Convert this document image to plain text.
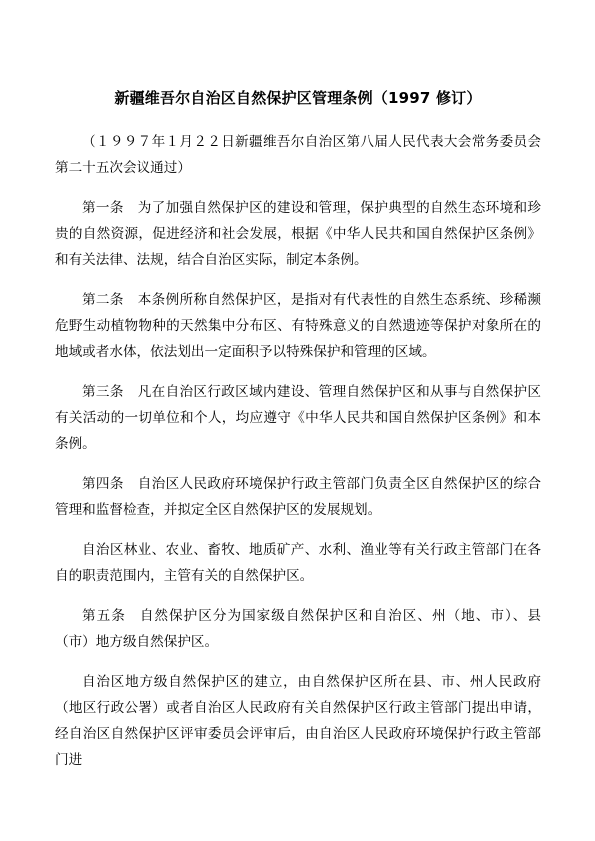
新疆维吾尔自治区自然保护区管理条例（1997 修订）

（１９９７年１月２２日新疆维吾尔自治区第八届人民代表大会常务委员会第二十五次会议通过）

第一条 为了加强自然保护区的建设和管理，保护典型的自然生态环境和珍贵的自然资源，促进经济和社会发展，根据《中华人民共和国自然保护区条例》和有关法律、法规，结合自治区实际，制定本条例。

第二条 本条例所称自然保护区，是指对有代表性的自然生态系统、珍稀濒危野生动植物物种的天然集中分布区、有特殊意义的自然遗迹等保护对象所在的地域或者水体，依法划出一定面积予以特殊保护和管理的区域。

第三条 凡在自治区行政区域内建设、管理自然保护区和从事与自然保护区有关活动的一切单位和个人，均应遵守《中华人民共和国自然保护区条例》和本条例。

第四条 自治区人民政府环境保护行政主管部门负责全区自然保护区的综合管理和监督检查，并拟定全区自然保护区的发展规划。

自治区林业、农业、畜牧、地质矿产、水利、渔业等有关行政主管部门在各自的职责范围内，主管有关的自然保护区。

第五条 自然保护区分为国家级自然保护区和自治区、州（地、市）、县（市）地方级自然保护区。

自治区地方级自然保护区的建立，由自然保护区所在县、市、州人民政府（地区行政公署）或者自治区人民政府有关自然保护区行政主管部门提出申请，经自治区自然保护区评审委员会评审后，由自治区人民政府环境保护行政主管部门进
